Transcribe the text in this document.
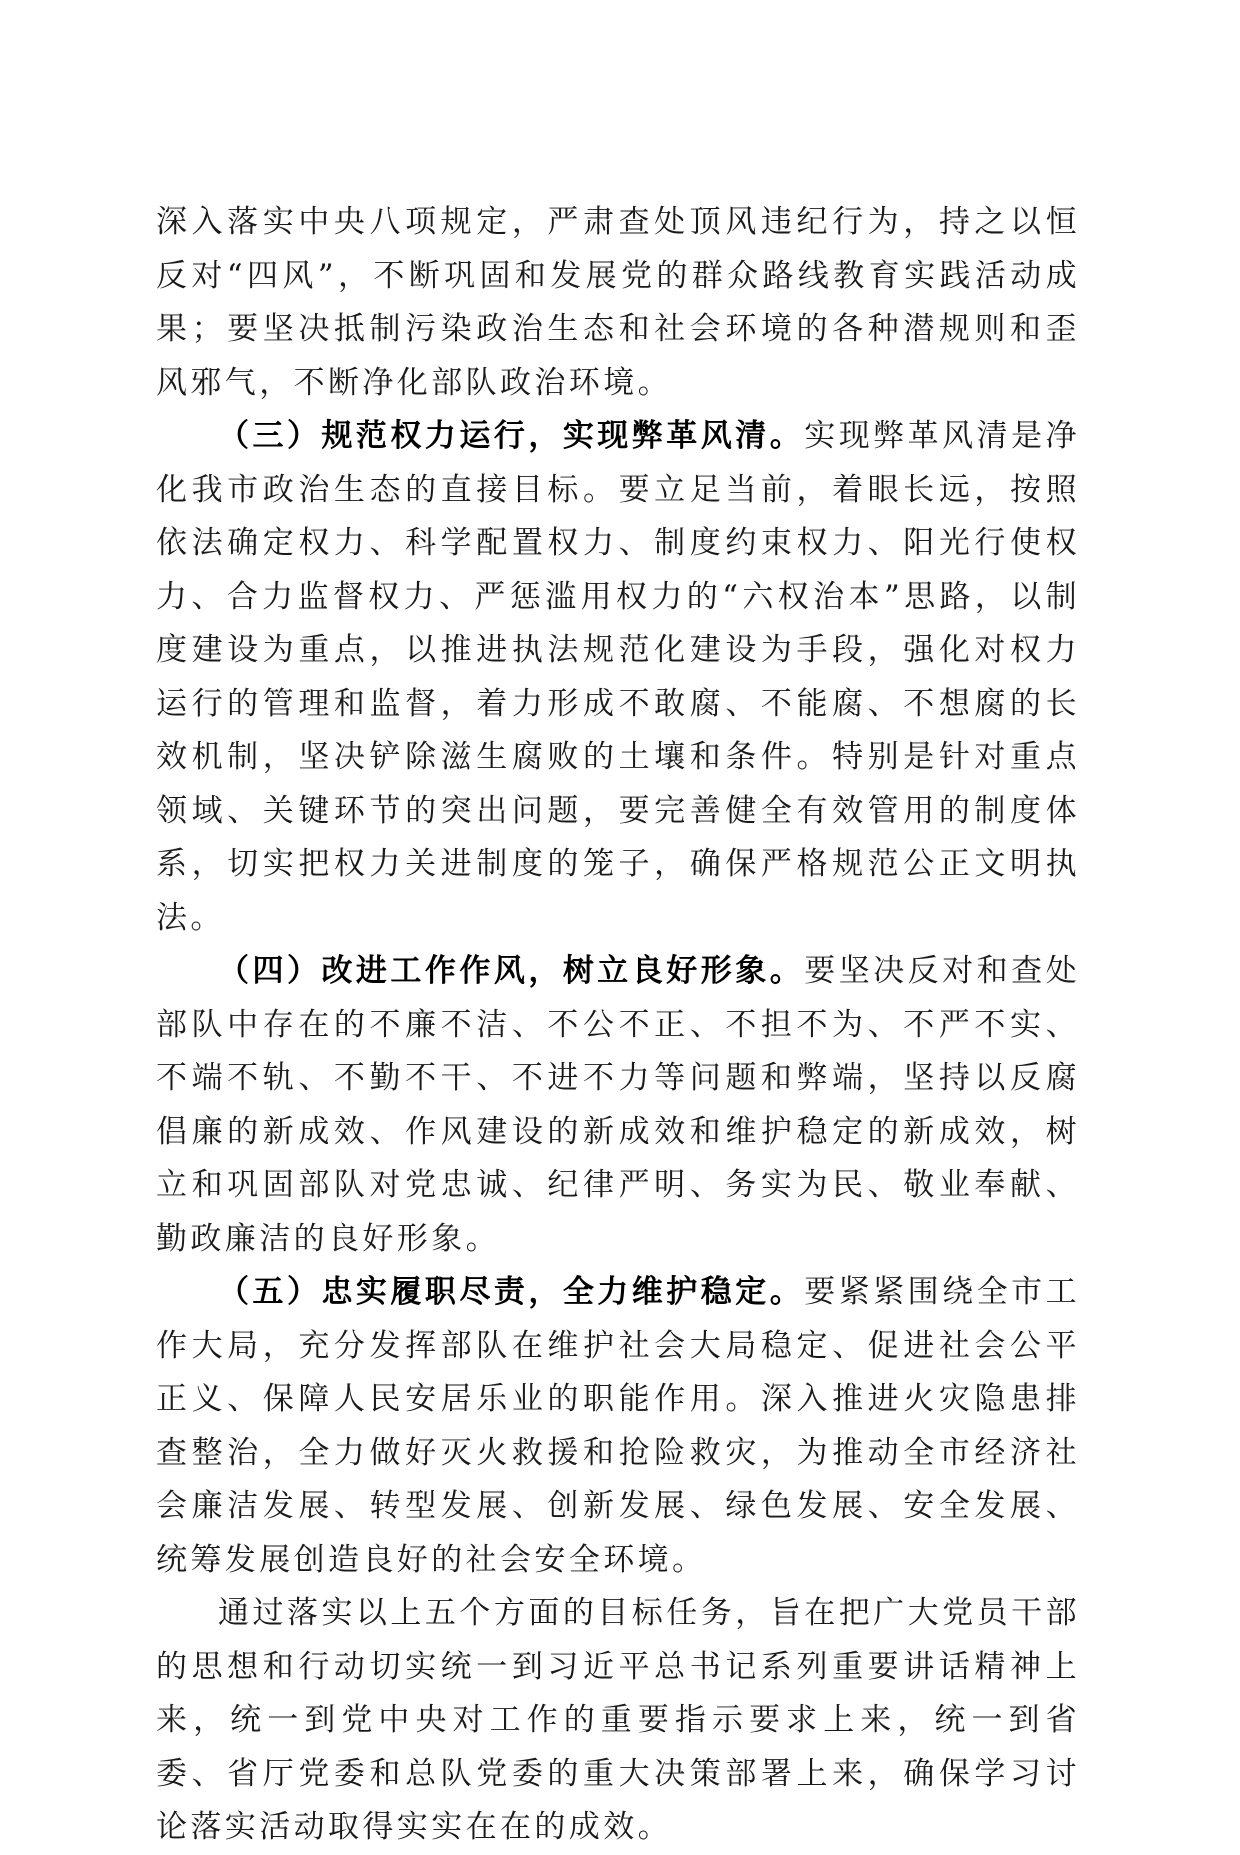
深入落实中央八项规定，严肃查处顶风违纪行为，持之以恒反对“四风”，不断巩固和发展党的群众路线教育实践活动成果；要坚决抵制污染政治生态和社会环境的各种潜规则和歪风邪气，不断净化部队政治环境。

（三）规范权力运行，实现弊革风清。实现弊革风清是净化我市政治生态的直接目标。要立足当前，着眼长远，按照依法确定权力、科学配置权力、制度约束权力、阳光行使权力、合力监督权力、严惩滥用权力的“六权治本”思路，以制度建设为重点，以推进执法规范化建设为手段，强化对权力运行的管理和监督，着力形成不敢腐、不能腐、不想腐的长效机制，坚决铲除滋生腐败的土壤和条件。特别是针对重点领域、关键环节的突出问题，要完善健全有效管用的制度体系，切实把权力关进制度的笼子，确保严格规范公正文明执法。

（四）改进工作作风，树立良好形象。要坚决反对和查处部队中存在的不廉不洁、不公不正、不担不为、不严不实、不端不轨、不勤不干、不进不力等问题和弊端，坚持以反腐倡廉的新成效、作风建设的新成效和维护稳定的新成效，树立和巩固部队对党忠诚、纪律严明、务实为民、敬业奉献、勤政廉洁的良好形象。

（五）忠实履职尽责，全力维护稳定。要紧紧围绕全市工作大局，充分发挥部队在维护社会大局稳定、促进社会公平正义、保障人民安居乐业的职能作用。深入推进火灾隐患排查整治，全力做好灭火救援和抢险救灾，为推动全市经济社会廉洁发展、转型发展、创新发展、绿色发展、安全发展、统筹发展创造良好的社会安全环境。

通过落实以上五个方面的目标任务，旨在把广大党员干部的思想和行动切实统一到习近平总书记系列重要讲话精神上来，统一到党中央对工作的重要指示要求上来，统一到省委、省厅党委和总队党委的重大决策部署上来，确保学习讨论落实活动取得实实在在的成效。
